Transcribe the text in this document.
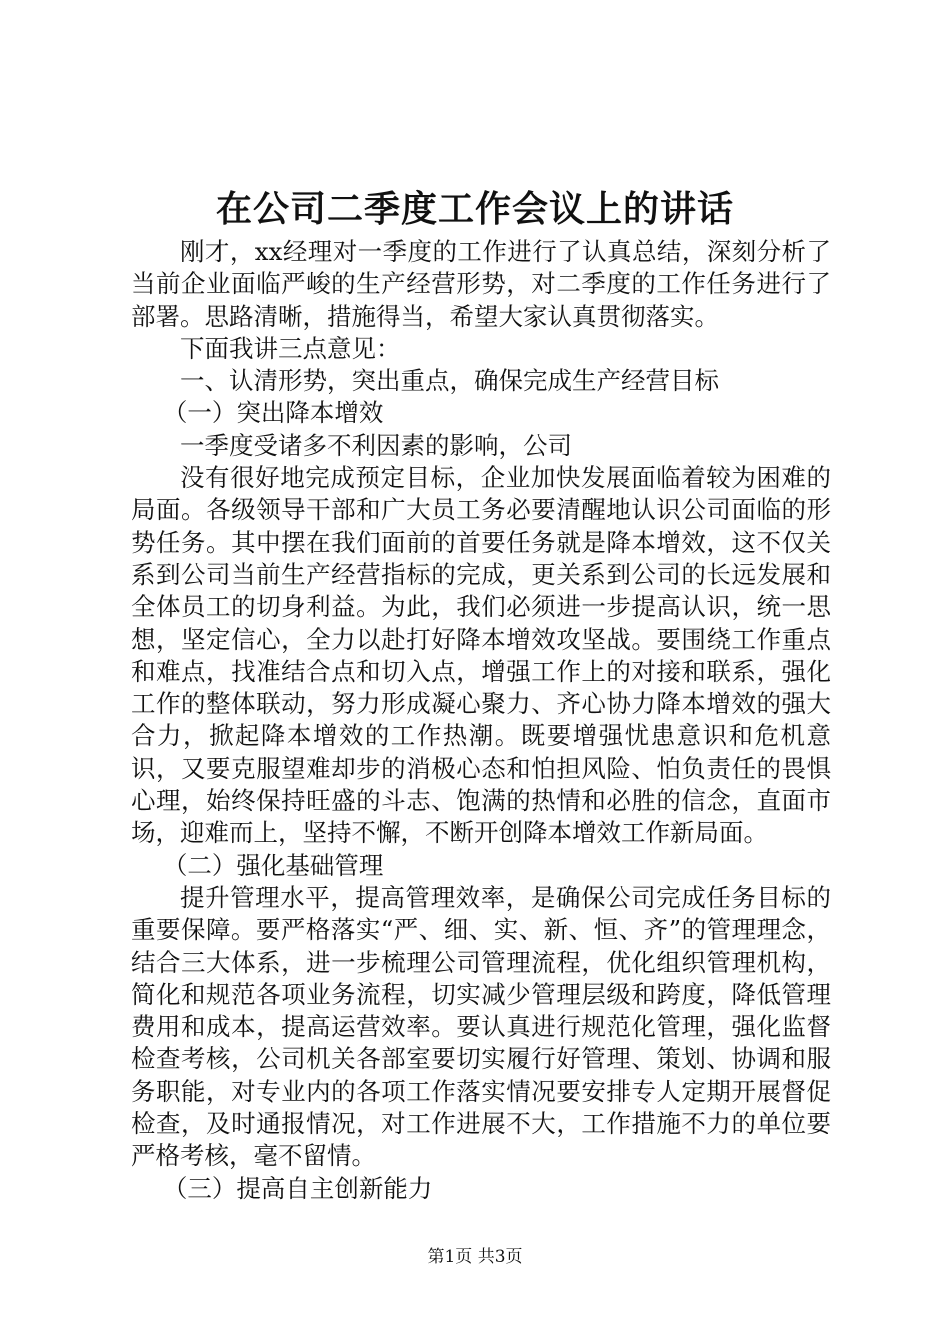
在公司二季度工作会议上的讲话

刚才，xx经理对一季度的工作进行了认真总结，深刻分析了当前企业面临严峻的生产经营形势，对二季度的工作任务进行了部署。思路清晰，措施得当，希望大家认真贯彻落实。

下面我讲三点意见：

一、认清形势，突出重点，确保完成生产经营目标

（一）突出降本增效

一季度受诸多不利因素的影响，公司

没有很好地完成预定目标，企业加快发展面临着较为困难的局面。各级领导干部和广大员工务必要清醒地认识公司面临的形势任务。其中摆在我们面前的首要任务就是降本增效，这不仅关系到公司当前生产经营指标的完成，更关系到公司的长远发展和全体员工的切身利益。为此，我们必须进一步提高认识，统一思想，坚定信心，全力以赴打好降本增效攻坚战。要围绕工作重点和难点，找准结合点和切入点，增强工作上的对接和联系，强化工作的整体联动，努力形成凝心聚力、齐心协力降本增效的强大合力，掀起降本增效的工作热潮。既要增强忧患意识和危机意识，又要克服望难却步的消极心态和怕担风险、怕负责任的畏惧心理，始终保持旺盛的斗志、饱满的热情和必胜的信念，直面市场，迎难而上，坚持不懈，不断开创降本增效工作新局面。

（二）强化基础管理

提升管理水平，提高管理效率，是确保公司完成任务目标的重要保障。要严格落实“严、细、实、新、恒、齐”的管理理念，结合三大体系，进一步梳理公司管理流程，优化组织管理机构，简化和规范各项业务流程，切实减少管理层级和跨度，降低管理费用和成本，提高运营效率。要认真进行规范化管理，强化监督检查考核，公司机关各部室要切实履行好管理、策划、协调和服务职能，对专业内的各项工作落实情况要安排专人定期开展督促检查，及时通报情况，对工作进展不大，工作措施不力的单位要严格考核，毫不留情。

（三）提高自主创新能力

第1页 共3页
